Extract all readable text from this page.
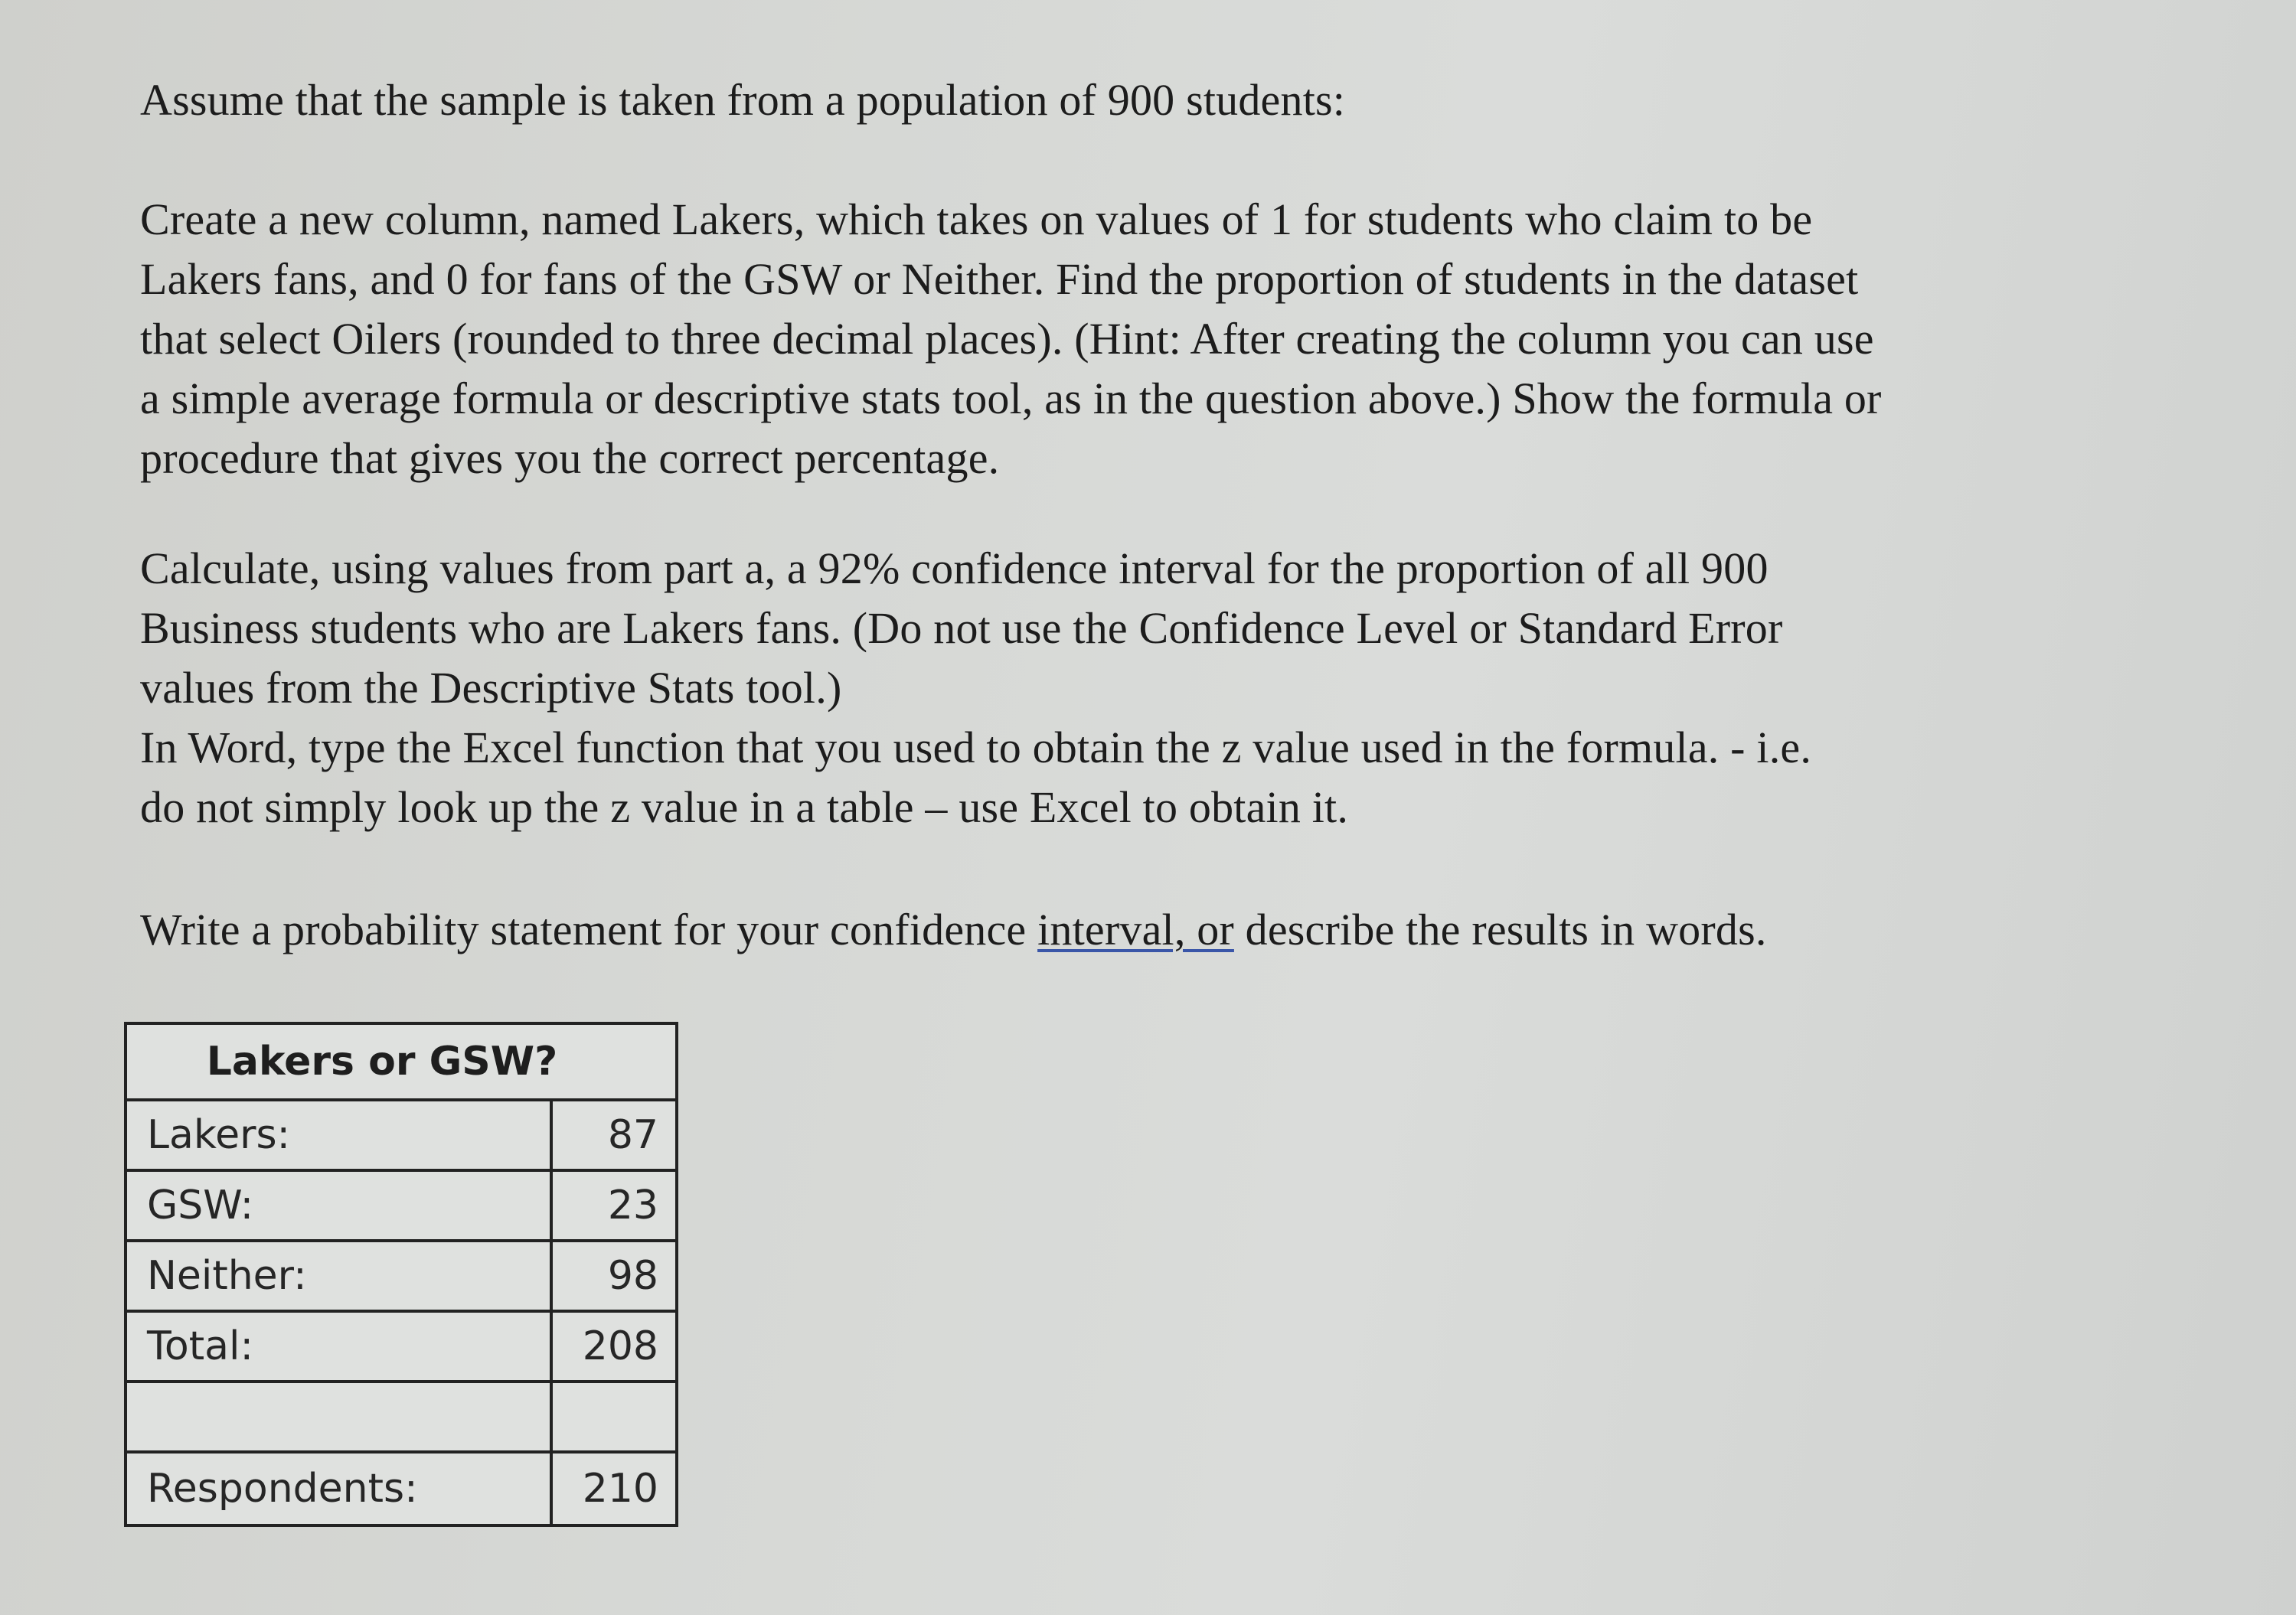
Assume that the sample is taken from a population of 900 students:
Create a new column, named Lakers, which takes on values of 1 for students who claim to be
Lakers fans, and 0 for fans of the GSW or Neither. Find the proportion of students in the dataset
that select Oilers (rounded to three decimal places). (Hint: After creating the column you can use
a simple average formula or descriptive stats tool, as in the question above.) Show the formula or
procedure that gives you the correct percentage.
Calculate, using values from part a, a 92% confidence interval for the proportion of all 900
Business students who are Lakers fans. (Do not use the Confidence Level or Standard Error
values from the Descriptive Stats tool.)
In Word, type the Excel function that you used to obtain the z value used in the formula. - i.e.
do not simply look up the z value in a table – use Excel to obtain it.
Write a probability statement for your confidence interval, or describe the results in words.
Lakers or GSW?
Lakers:	87
GSW:	23
Neither:	98
Total:	208
Respondents:	210
